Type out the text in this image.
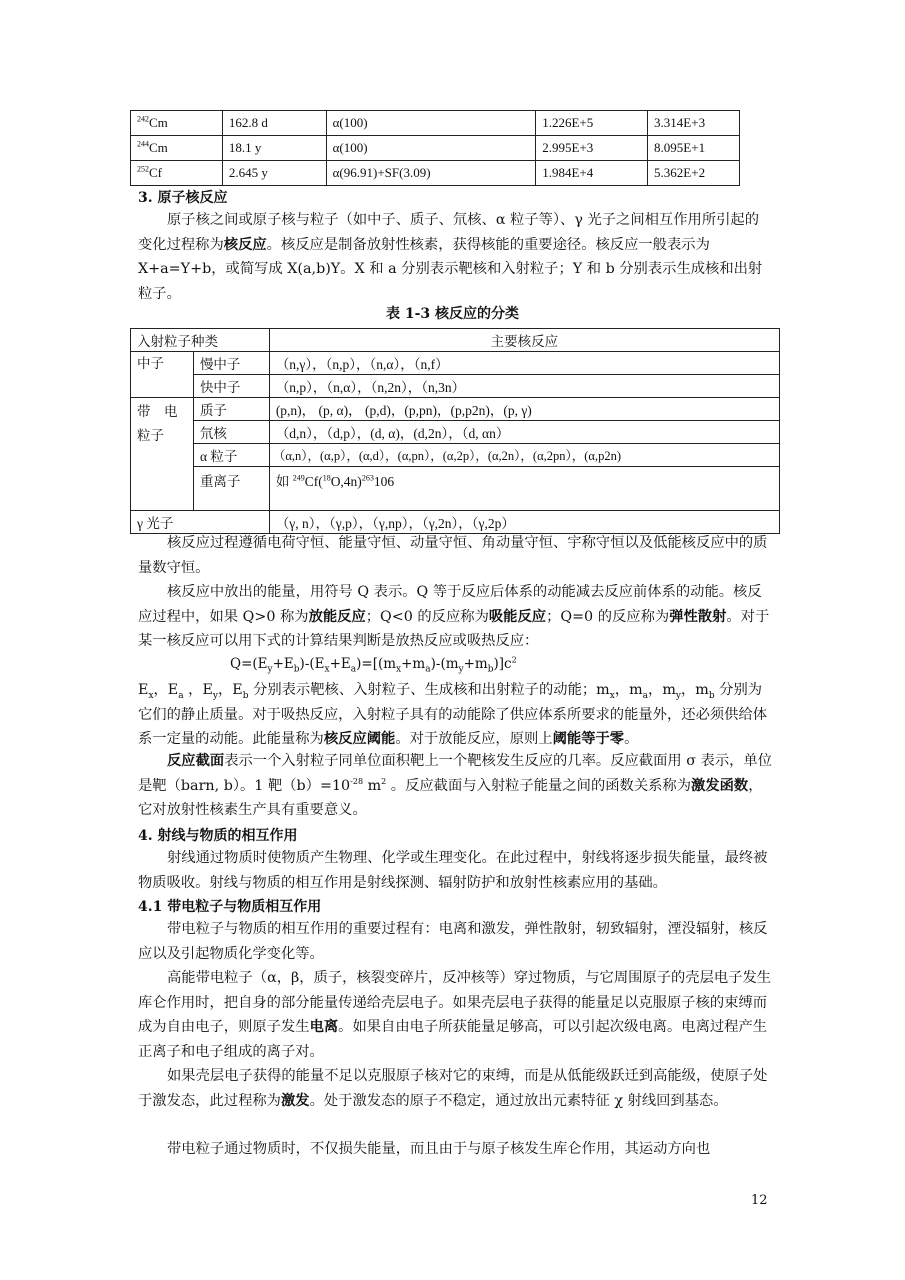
$^{242}$Cm	162.8 d	α(100)	1.226E+5	3.314E+3
$^{244}$Cm	18.1 y	α(100)	2.995E+3	8.095E+1
$^{252}$Cf	2.645 y	α(96.91)+SF(3.09)	1.984E+4	5.362E+2
3. 原子核反应

原子核之间或原子核与粒子（如中子、质子、氘核、α 粒子等）、γ 光子之间相互作用所引起的变化过程称为核反应。核反应是制备放射性核素，获得核能的重要途径。核反应一般表示为 X+a=Y+b，或简写成 X(a,b)Y。X 和 a 分别表示靶核和入射粒子；Y 和 b 分别表示生成核和出射粒子。

表 1-3 核反应的分类
入射粒子种类		主要核反应
中子	慢中子	（n,γ），（n,p），（n,α），（n,f）
	快中子	（n,p），（n,α），（n,2n），（n,3n）
带　电
粒子	质子	(p,n)， (p, α)， (p,d)，(p,pn)，(p,p2n)，(p, γ)
	氘核	（d,n），（d,p），(d, α)，(d,2n），（d, αn）
	α 粒子	（α,n），(α,p），(α,d），(α,pn），(α,2p），(α,2n），(α,2pn），(α,p2n)
	重离子	如 $^{249}Cf(^{18}O,4n)^{263}106$
γ 光子		（γ, n），（γ,p），（γ,np），（γ,2n），（γ,2p）

核反应过程遵循电荷守恒、能量守恒、动量守恒、角动量守恒、宇称守恒以及低能核反应中的质量数守恒。

核反应中放出的能量，用符号 Q 表示。Q 等于反应后体系的动能减去反应前体系的动能。核反应过程中，如果 Q>0 称为放能反应；Q<0 的反应称为吸能反应；Q=0 的反应称为弹性散射。对于某一核反应可以用下式的计算结果判断是放热反应或吸热反应：

$Q=(E_y+E_b)-(E_x+E_a)=[(m_x+m_a)-(m_y+m_b)]c^2$

$E_x$，$E_a$ ，$E_y$，$E_b$ 分别表示靶核、入射粒子、生成核和出射粒子的动能；$m_x$，$m_a$，$m_y$，$m_b$ 分别为它们的静止质量。对于吸热反应，入射粒子具有的动能除了供应体系所要求的能量外，还必须供给体系一定量的动能。此能量称为核反应阈能。对于放能反应，原则上阈能等于零。

反应截面表示一个入射粒子同单位面积靶上一个靶核发生反应的几率。反应截面用 σ 表示，单位是靶（barn, b）。1 靶$(b)=10^{-28}$ $m^2$ 。反应截面与入射粒子能量之间的函数关系称为激发函数，它对放射性核素生产具有重要意义。

4. 射线与物质的相互作用

射线通过物质时使物质产生物理、化学或生理变化。在此过程中，射线将逐步损失能量，最终被物质吸收。射线与物质的相互作用是射线探测、辐射防护和放射性核素应用的基础。

4.1 带电粒子与物质相互作用

带电粒子与物质的相互作用的重要过程有：电离和激发，弹性散射，轫致辐射，湮没辐射，核反应以及引起物质化学变化等。

高能带电粒子（α，β，质子，核裂变碎片，反冲核等）穿过物质，与它周围原子的壳层电子发生库仑作用时，把自身的部分能量传递给壳层电子。如果壳层电子获得的能量足以克服原子核的束缚而成为自由电子，则原子发生电离。如果自由电子所获能量足够高，可以引起次级电离。电离过程产生正离子和电子组成的离子对。

如果壳层电子获得的能量不足以克服原子核对它的束缚，而是从低能级跃迁到高能级，使原子处于激发态，此过程称为激发。处于激发态的原子不稳定，通过放出元素特征 χ 射线回到基态。

带电粒子通过物质时，不仅损失能量，而且由于与原子核发生库仑作用，其运动方向也

12
